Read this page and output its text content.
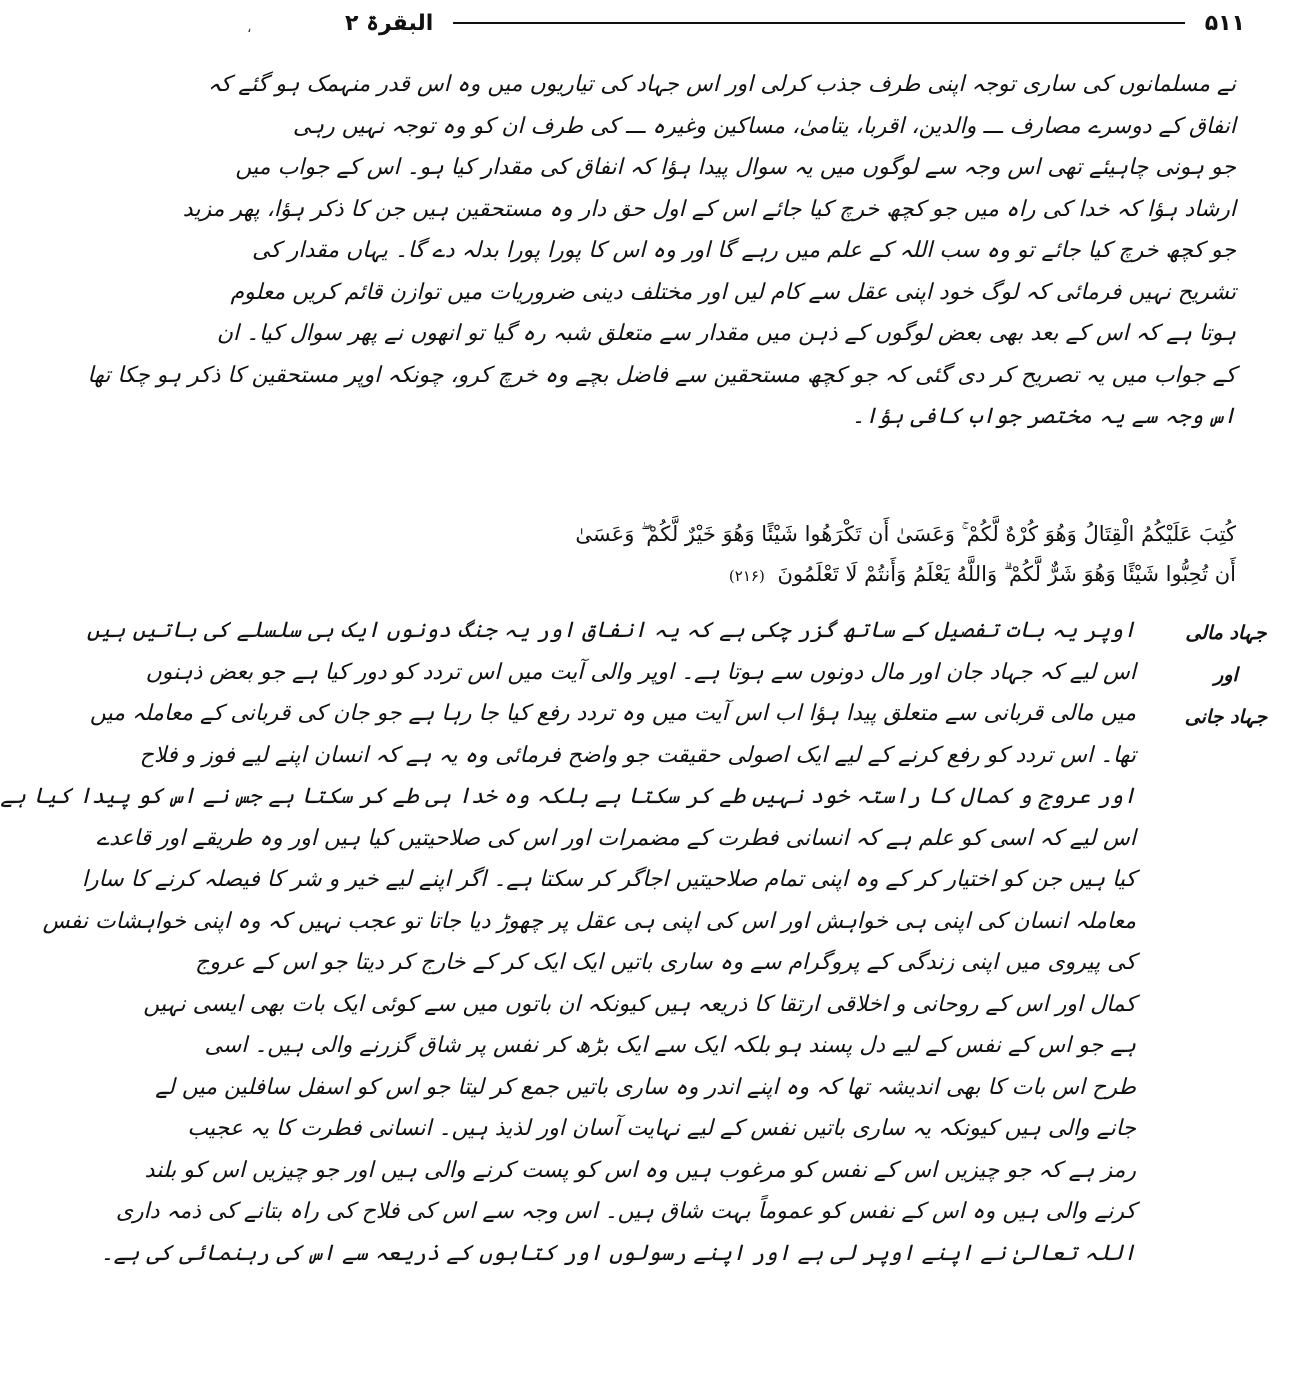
۵۱۱
البقرۃ ۲
،
نے مسلمانوں کی ساری توجہ اپنی طرف جذب کرلی اور اس جہاد کی تیاریوں میں وہ اس قدر منہمک ہو گئے کہ
انفاق کے دوسرے مصارف ـــ والدین، اقربا، یتامیٰ، مساکین وغیرہ ـــ کی طرف ان کو وہ توجہ نہیں رہی
جو ہونی چاہیئے تھی اس وجہ سے لوگوں میں یہ سوال پیدا ہؤا کہ انفاق کی مقدار کیا ہو۔ اس کے جواب میں
ارشاد ہؤا کہ خدا کی راہ میں جو کچھ خرچ کیا جائے اس کے اول حق دار وہ مستحقین ہیں جن کا ذکر ہؤا، پھر مزید
جو کچھ خرچ کیا جائے تو وہ سب اللہ کے علم میں رہے گا اور وہ اس کا پورا پورا بدلہ دے گا۔ یہاں مقدار کی
تشریح نہیں فرمائی کہ لوگ خود اپنی عقل سے کام لیں اور مختلف دینی ضروریات میں توازن قائم کریں معلوم
ہوتا ہے کہ اس کے بعد بھی بعض لوگوں کے ذہن میں مقدار سے متعلق شبہ رہ گیا تو انھوں نے پھر سوال کیا۔ ان
کے جواب میں یہ تصریح کر دی گئی کہ جو کچھ مستحقین سے فاضل بچے وہ خرچ کرو، چونکہ اوپر مستحقین کا ذکر ہو چکا تھا
اس وجہ سے یہ مختصر جواب کافی ہؤا۔
كُتِبَ عَلَيْكُمُ الْقِتَالُ وَهُوَ كُرْهٌ لَّكُمْ ۚ وَعَسَىٰ أَن تَكْرَهُوا شَيْئًا وَهُوَ خَيْرٌ لَّكُمْ ۖ وَعَسَىٰ
أَن تُحِبُّوا شَيْئًا وَهُوَ شَرٌّ لَّكُمْ ۗ وَاللَّهُ يَعْلَمُ وَأَنتُمْ لَا تَعْلَمُونَ (۲۱۶)
جہاد مالی
اور
جہاد جانی
اوپر یہ بات تفصیل کے ساتھ گزر چکی ہے کہ یہ انفاق اور یہ جنگ دونوں ایک ہی سلسلے کی باتیں ہیں
اس لیے کہ جہاد جان اور مال دونوں سے ہوتا ہے۔ اوپر والی آیت میں اس تردد کو دور کیا ہے جو بعض ذہنوں
میں مالی قربانی سے متعلق پیدا ہؤا اب اس آیت میں وہ تردد رفع کیا جا رہا ہے جو جان کی قربانی کے معاملہ میں
تھا۔ اس تردد کو رفع کرنے کے لیے ایک اصولی حقیقت جو واضح فرمائی وہ یہ ہے کہ انسان اپنے لیے فوز و فلاح
اور عروج و کمال کا راستہ خود نہیں طے کر سکتا ہے بلکہ وہ خدا ہی طے کر سکتا ہے جس نے اس کو پیدا کیا ہے
اس لیے کہ اسی کو علم ہے کہ انسانی فطرت کے مضمرات اور اس کی صلاحیتیں کیا ہیں اور وہ طریقے اور قاعدے
کیا ہیں جن کو اختیار کر کے وہ اپنی تمام صلاحیتیں اجاگر کر سکتا ہے۔ اگر اپنے لیے خیر و شر کا فیصلہ کرنے کا سارا
معاملہ انسان کی اپنی ہی خواہش اور اس کی اپنی ہی عقل پر چھوڑ دیا جاتا تو عجب نہیں کہ وہ اپنی خواہشات نفس
کی پیروی میں اپنی زندگی کے پروگرام سے وہ ساری باتیں ایک ایک کر کے خارج کر دیتا جو اس کے عروج
کمال اور اس کے روحانی و اخلاقی ارتقا کا ذریعہ ہیں کیونکہ ان باتوں میں سے کوئی ایک بات بھی ایسی نہیں
ہے جو اس کے نفس کے لیے دل پسند ہو بلکہ ایک سے ایک بڑھ کر نفس پر شاق گزرنے والی ہیں۔ اسی
طرح اس بات کا بھی اندیشہ تھا کہ وہ اپنے اندر وہ ساری باتیں جمع کر لیتا جو اس کو اسفل سافلین میں لے
جانے والی ہیں کیونکہ یہ ساری باتیں نفس کے لیے نہایت آسان اور لذیذ ہیں۔ انسانی فطرت کا یہ عجیب
رمز ہے کہ جو چیزیں اس کے نفس کو مرغوب ہیں وہ اس کو پست کرنے والی ہیں اور جو چیزیں اس کو بلند
کرنے والی ہیں وہ اس کے نفس کو عموماً بہت شاق ہیں۔ اس وجہ سے اس کی فلاح کی راہ بتانے کی ذمہ داری
اللہ تعالیٰ نے اپنے اوپر لی ہے اور اپنے رسولوں اور کتابوں کے ذریعہ سے اس کی رہنمائی کی ہے۔
